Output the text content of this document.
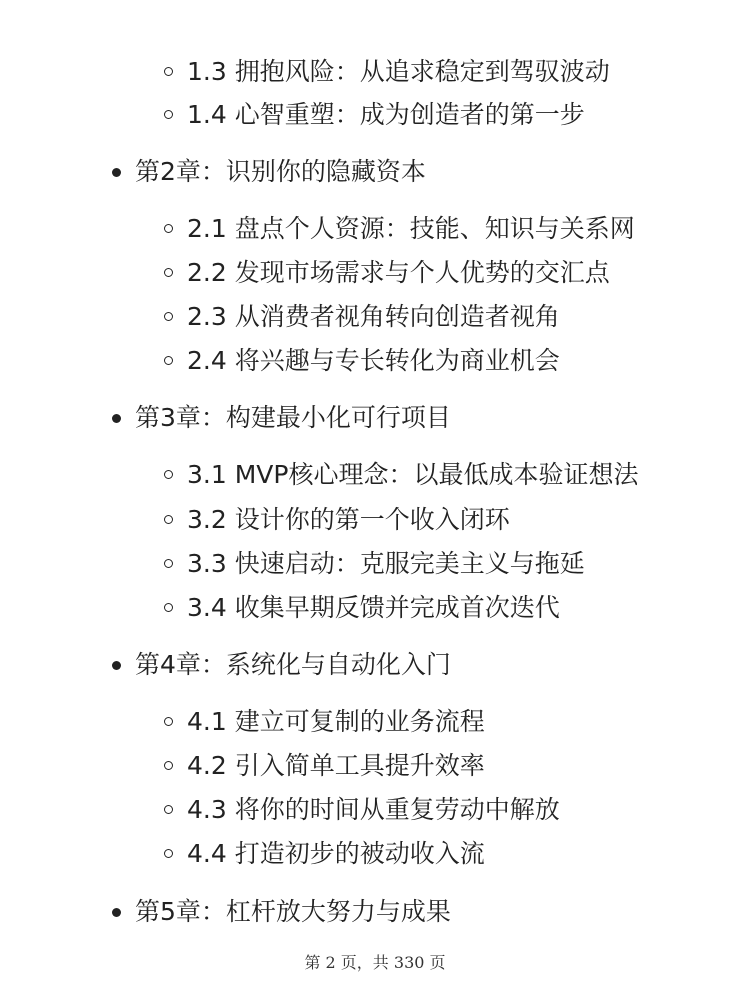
1.3 拥抱风险：从追求稳定到驾驭波动
1.4 心智重塑：成为创造者的第一步
第2章：识别你的隐藏资本
2.1 盘点个人资源：技能、知识与关系网
2.2 发现市场需求与个人优势的交汇点
2.3 从消费者视角转向创造者视角
2.4 将兴趣与专长转化为商业机会
第3章：构建最小化可行项目
3.1 MVP核心理念：以最低成本验证想法
3.2 设计你的第一个收入闭环
3.3 快速启动：克服完美主义与拖延
3.4 收集早期反馈并完成首次迭代
第4章：系统化与自动化入门
4.1 建立可复制的业务流程
4.2 引入简单工具提升效率
4.3 将你的时间从重复劳动中解放
4.4 打造初步的被动收入流
第5章：杠杆放大努力与成果
第 2 页，共 330 页
